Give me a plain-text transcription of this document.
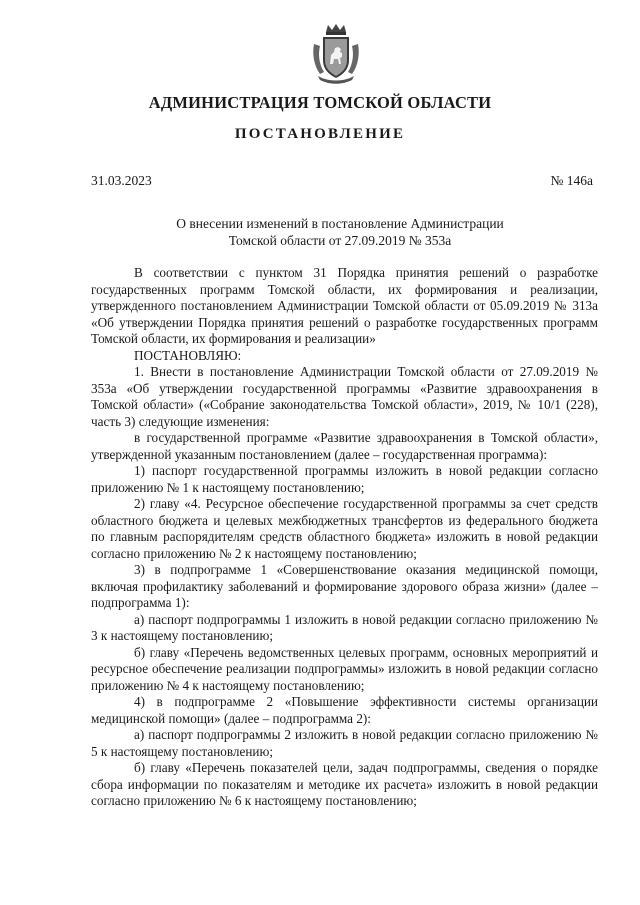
АДМИНИСТРАЦИЯ ТОМСКОЙ ОБЛАСТИ
ПОСТАНОВЛЕНИЕ
31.03.2023	№ 146а
О внесении изменений в постановление Администрации
Томской области от 27.09.2019 № 353а

В соответствии с пунктом 31 Порядка принятия решений о разработке государственных программ Томской области, их формирования и реализации, утвержденного постановлением Администрации Томской области от 05.09.2019 № 313а «Об утверждении Порядка принятия решений о разработке государственных программ Томской области, их формирования и реализации»

ПОСТАНОВЛЯЮ:

1. Внести в постановление Администрации Томской области от 27.09.2019 № 353а «Об утверждении государственной программы «Развитие здравоохранения в Томской области» («Собрание законодательства Томской области», 2019, № 10/1 (228), часть 3) следующие изменения:

в государственной программе «Развитие здравоохранения в Томской области», утвержденной указанным постановлением (далее – государственная программа):

1) паспорт государственной программы изложить в новой редакции согласно приложению № 1 к настоящему постановлению;

2) главу «4. Ресурсное обеспечение государственной программы за счет средств областного бюджета и целевых межбюджетных трансфертов из федерального бюджета по главным распорядителям средств областного бюджета» изложить в новой редакции согласно приложению № 2 к настоящему постановлению;

3) в подпрограмме 1 «Совершенствование оказания медицинской помощи, включая профилактику заболеваний и формирование здорового образа жизни» (далее – подпрограмма 1):

а) паспорт подпрограммы 1 изложить в новой редакции согласно приложению № 3 к настоящему постановлению;

б) главу «Перечень ведомственных целевых программ, основных мероприятий и ресурсное обеспечение реализации подпрограммы» изложить в новой редакции согласно приложению № 4 к настоящему постановлению;

4) в подпрограмме 2 «Повышение эффективности системы организации медицинской помощи» (далее – подпрограмма 2):

а) паспорт подпрограммы 2 изложить в новой редакции согласно приложению № 5 к настоящему постановлению;

б) главу «Перечень показателей цели, задач подпрограммы, сведения о порядке сбора информации по показателям и методике их расчета» изложить в новой редакции согласно приложению № 6 к настоящему постановлению;
